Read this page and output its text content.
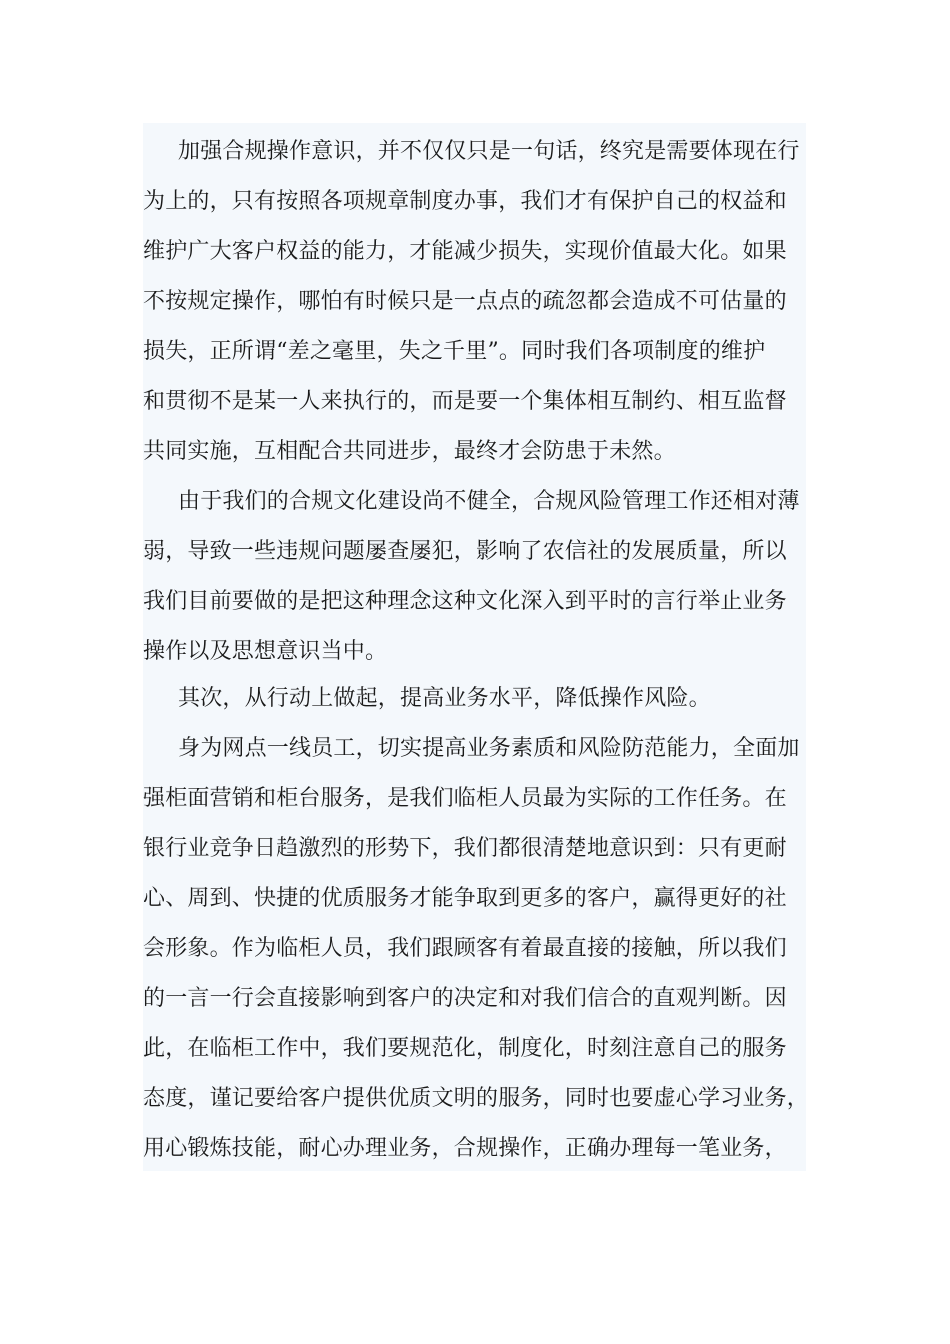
加强合规操作意识，并不仅仅只是一句话，终究是需要体现在行
为上的，只有按照各项规章制度办事，我们才有保护自己的权益和
维护广大客户权益的能力，才能减少损失，实现价值最大化。如果
不按规定操作，哪怕有时候只是一点点的疏忽都会造成不可估量的
损失，正所谓“差之毫里，失之千里”。同时我们各项制度的维护
和贯彻不是某一人来执行的，而是要一个集体相互制约、相互监督
共同实施，互相配合共同进步，最终才会防患于未然。
由于我们的合规文化建设尚不健全，合规风险管理工作还相对薄
弱，导致一些违规问题屡查屡犯，影响了农信社的发展质量，所以
我们目前要做的是把这种理念这种文化深入到平时的言行举止业务
操作以及思想意识当中。
其次，从行动上做起，提高业务水平，降低操作风险。
身为网点一线员工，切实提高业务素质和风险防范能力，全面加
强柜面营销和柜台服务，是我们临柜人员最为实际的工作任务。在
银行业竞争日趋激烈的形势下，我们都很清楚地意识到：只有更耐
心、周到、快捷的优质服务才能争取到更多的客户，赢得更好的社
会形象。作为临柜人员，我们跟顾客有着最直接的接触，所以我们
的一言一行会直接影响到客户的决定和对我们信合的直观判断。因
此，在临柜工作中，我们要规范化，制度化，时刻注意自己的服务
态度，谨记要给客户提供优质文明的服务，同时也要虚心学习业务，
用心锻炼技能，耐心办理业务，合规操作，正确办理每一笔业务，
